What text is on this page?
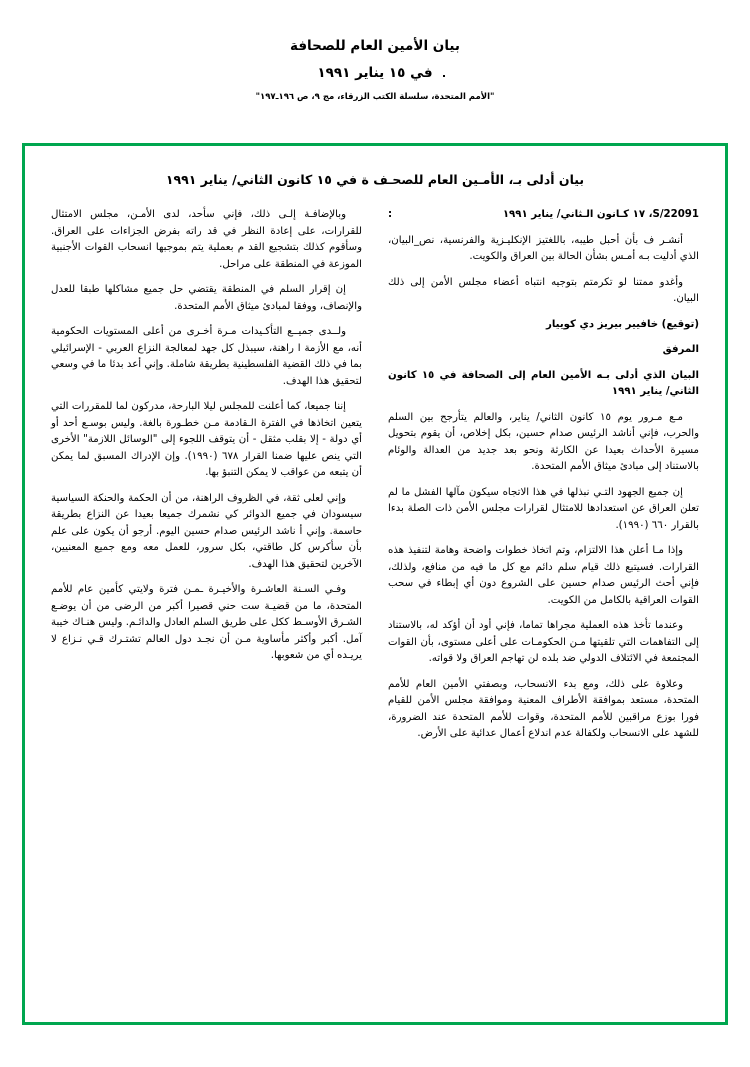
بيان الأمين العام للصحافة
في ١٥ يناير ١٩٩١
"الأمم المتحدة، سلسلة الكتب الزرقاء، مج ٩، ص ١٩٦ـ١٩٧"
بيان أدلى بـ، الأمـين العام للصحـف ة في ١٥ كانون الثاني/ يناير ١٩٩١

:	S/22091، ١٧ كـانون الـثاني/ يناير ١٩٩١

أنشـر ف بأن أحبل طيبه، باللغتيز الإنكليـزية والفرنسية، نص_البيان، الذي أدليت بـه أمـس بشأن الحالة بين العراق والكويت.

وأغدو ممتنا لو تكرمتم بتوجيه انتباه أعضاء مجلس الأمن إلى ذلك البيان.

(توقيع) خافيير بيريز دي كوييار

المرفق

البيان الذي أدلى بـه الأمين العام إلى الصحافة في ١٥ كانون الثاني/ يناير ١٩٩١

مـع مـرور يوم ١٥ كانون الثاني/ يناير، والعالم يتأرجح بين السلم والحرب، فإني أناشد الرئيس صدام حسين، بكل إخلاص، أن يقوم بتحويل مسيرة الأحداث بعيدا عن الكارثة ونحو بعد جديد من العدالة والوئام بالاستناد إلى مبادئ ميثاق الأمم المتحدة.

إن جميع الجهود التـي نبذلها في هذا الاتجاه سيكون مآلها الفشل ما لم تعلن العراق عن استعدادها للامتثال لقرارات مجلس الأمن ذات الصلة بدءا بالقرار ٦٦٠ (١٩٩٠).

وإذا مـا أعلن هذا الالتزام، وتم اتخاذ خطوات واضحة وهامة لتنفيذ هذه القرارات. فسيتبع ذلك قيام سلم دائم مع كل ما فيه من منافع، ولذلك، فإني أحث الرئيس صدام حسين على الشروع دون أي إبطاء في سحب القوات العراقية بالكامل من الكويت.

وعندما تأخذ هذه العملية مجراها تماما، فإني أود أن أؤكد له، بالاستناد إلى التفاهمات التي تلقيتها مـن الحكومـات على أعلى مستوى، بأن القوات المجتمعة في الائتلاف الدولي ضد بلده لن تهاجم العراق ولا قواته.

وعلاوة على ذلك، ومع بدء الانسحاب، وبصفتي الأمين العام للأمم المتحدة، مستعد بموافقة الأطراف المعنية وموافقة مجلس الأمن للقيام فورا بوزع مراقبين للأمم المتحدة، وقوات للأمم المتحدة عند الضرورة، للشهد على الانسحاب ولكفالة عدم اندلاع أعمال عدائية على الأرض.

وبالإضافـة إلـى ذلك، فإني سأحد، لدى الأمـن، مجلس الامتثال للقرارات، على إعادة النظر في قد راته بفرض الجزاءات على العراق. وسأقوم كذلك بتشجيع القد م بعملية يتم بموجبها انسحاب القوات الأجنبية الموزعة في المنطقة على مراحل.

إن إقرار السلم في المنطقة يقتضي حل جميع مشاكلها طبقا للعدل والإنصاف، ووفقا لمبادئ ميثاق الأمم المتحدة.

ولــدى جميــع التأكـيدات مـرة أخـرى من أعلى المستويات الحكومية أنه، مع الأزمة ا راهنة، سيبذل كل جهد لمعالجة النزاع العربي - الإسرائيلي بما في ذلك القضية الفلسطينية بطريقة شاملة. وإني أعد بدئا ما في وسعي لتحقيق هذا الهدف.

إننا جميعا، كما أعلنت للمجلس ليلا البارحة، مدركون لما للمقررات التي يتعين اتخاذها في الفترة الـقادمة مـن خطـورة بالغة. وليس بوسـع أحد أو أي دولة - إلا بقلب مثقل - أن يتوقف اللجوء إلى "الوسائل اللازمة" الأخرى التي ينص عليها ضمنا القرار ٦٧٨ (١٩٩٠). وإن الإدراك المسبق لما يمكن أن يتبعه من عواقب لا يمكن التنبؤ بها.

وإني لعلى ثقة، في الظروف الراهنة، من أن الحكمة والحنكة السياسية سيسودان في جميع الدوائر كي نشمرك جميعا بعيدا عن النزاع بطريقة حاسمة. وإني أ ناشد الرئيس صدام حسين اليوم. أرجو أن يكون على علم بأن سأكرس كل طاقتي، بكل سرور، للعمل معه ومع جميع المعنيين، الآخرين لتحقيق هذا الهدف.

وفـي السـنة العاشـرة والأخيـرة ـمـن فترة ولايتي كأمين عام للأمم المتحدة، ما من قضيـة ست حني قصيرا أكبر من الرضى من أن يوضـع الشـرق الأوسـط ككل على طريق السلم العادل والدائـم. وليس هنـاك خيبة آمل. أكبر وأكثر مأساوية مـن أن نجـد دول العالم تشتـرك قـي نـزاع لا يريـده أي من شعوبها.
